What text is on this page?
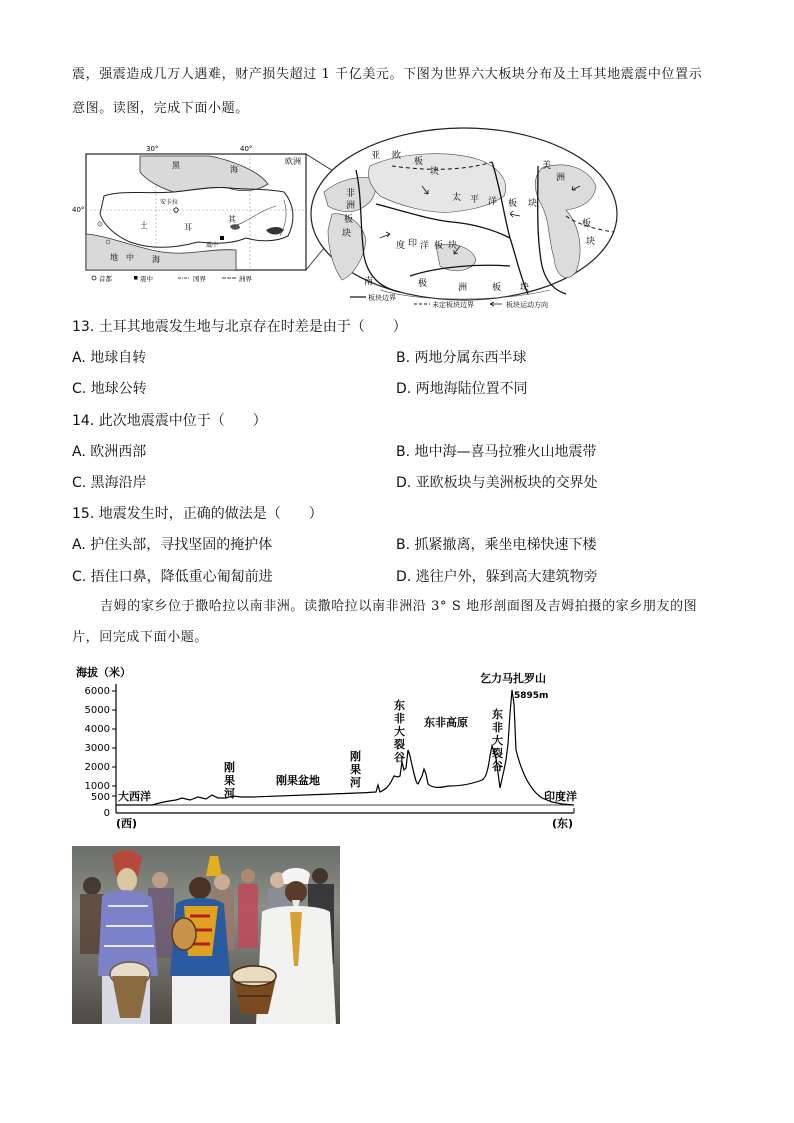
震，强震造成几万人遇难，财产损失超过 1 千亿美元。下图为世界六大板块分布及土耳其地震震中位置示
意图。读图，完成下面小题。
30°	40°
40°
黑	欧洲
海
安卡拉
土	耳
其
震中
地 中 海
首都	震中	国界	洲界
亚 欧
板
块
太 平 洋 板 块
美
洲
板
块
非
洲
板
块
印
度 洋 板 块
南	极	洲	板 块
板块边界
未定板块边界	板块运动方向
13. 土耳其地震发生地与北京存在时差是由于（　　）
A. 地球自转	B. 两地分属东西半球
C. 地球公转	D. 两地海陆位置不同
14. 此次地震震中位于（　　）
A. 欧洲西部	B. 地中海—喜马拉雅火山地震带
C. 黑海沿岸	D. 亚欧板块与美洲板块的交界处
15. 地震发生时，正确的做法是（　　）
A. 护住头部，寻找坚固的掩护体	B. 抓紧撤离，乘坐电梯快速下楼
C. 捂住口鼻，降低重心匍匐前进	D. 逃往户外，躲到高大建筑物旁
吉姆的家乡位于撒哈拉以南非洲。读撒哈拉以南非洲沿 3° S 地形剖面图及吉姆拍摄的家乡朋友的图
片，回完成下面小题。
海拔（米）
6000
5000
4000
3000
2000
1000
500
0
大西洋
刚
果
河
刚果盆地
刚
果
河
东
非
大
裂
谷
东非高原
东
非
大
裂
谷
乞力马扎罗山
5895m
印度洋
(西)	(东)
